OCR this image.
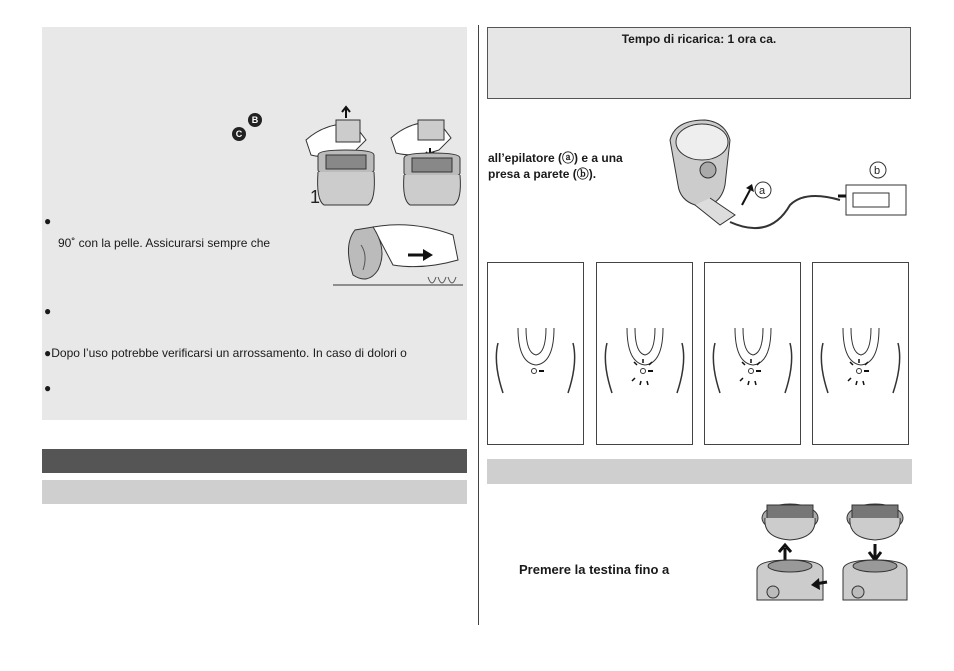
B
C
1
●
90˚ con la pelle. Assicurarsi sempre che
●
●Dopo l’uso potrebbe verificarsi un arrossamento. In caso di dolori o
●
Tempo di ricarica: 1 ora ca.
all’epilatore (ⓐ) e a una
presa a parete (ⓑ).
a
b
Premere la testina fino a
